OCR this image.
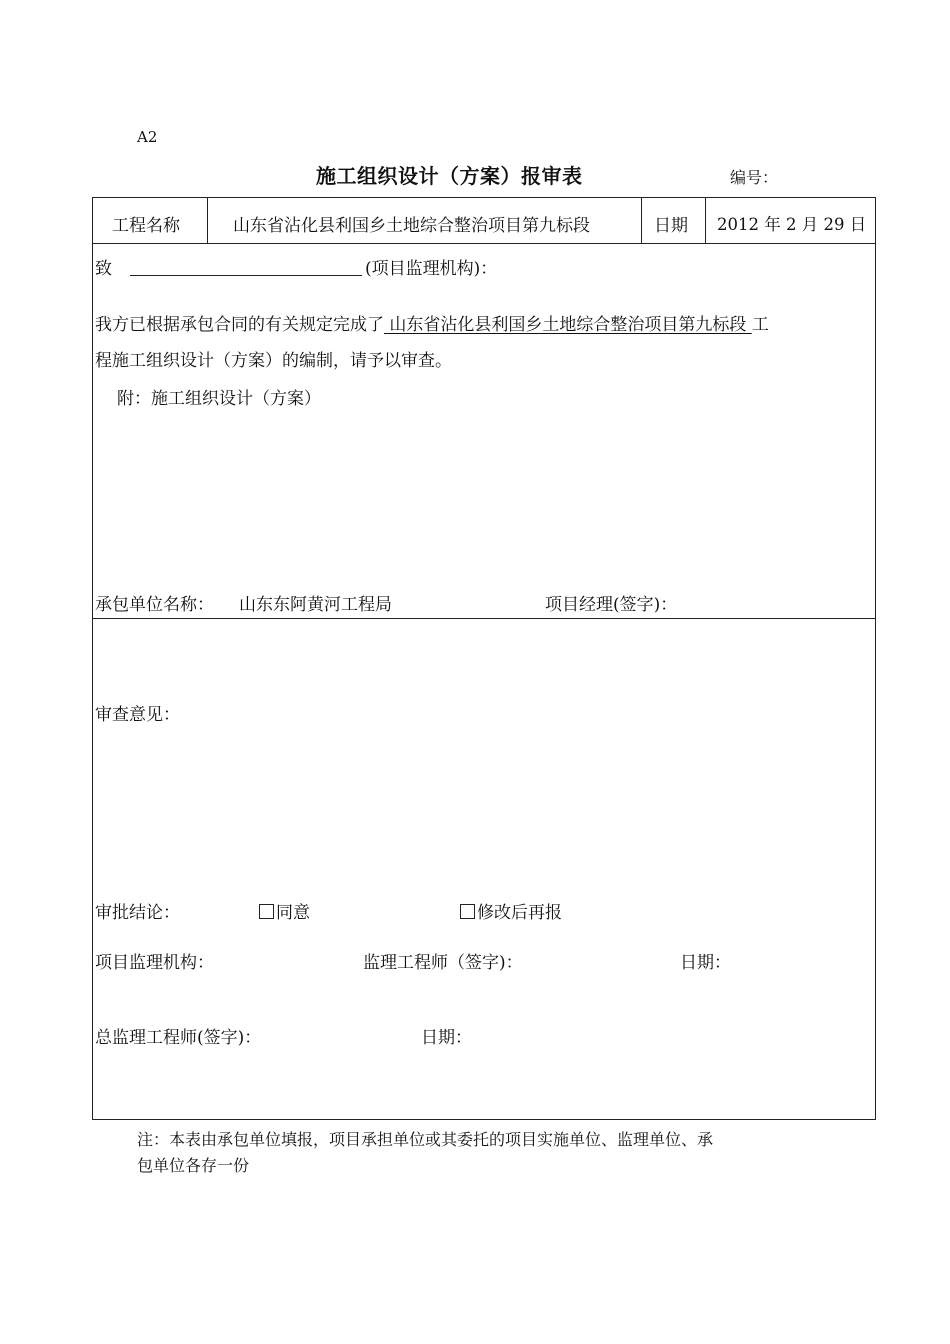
A2
施工组织设计（方案）报审表	编号：
工程名称	山东省沾化县利国乡土地综合整治项目第九标段	日期 2012 年 2 月 29 日
致	(项目监理机构)：
我方已根据承包合同的有关规定完成了 山东省沾化县利国乡土地综合整治项目第九标段 工
程施工组织设计（方案）的编制，请予以审查。
附：施工组织设计（方案）
承包单位名称： 山东东阿黄河工程局	项目经理(签字)：
审查意见：
审批结论：	同意	修改后再报
项目监理机构：	监理工程师（签字)：	日期：
总监理工程师(签字)：	日期：
注：本表由承包单位填报，项目承担单位或其委托的项目实施单位、监理单位、承
包单位各存一份
